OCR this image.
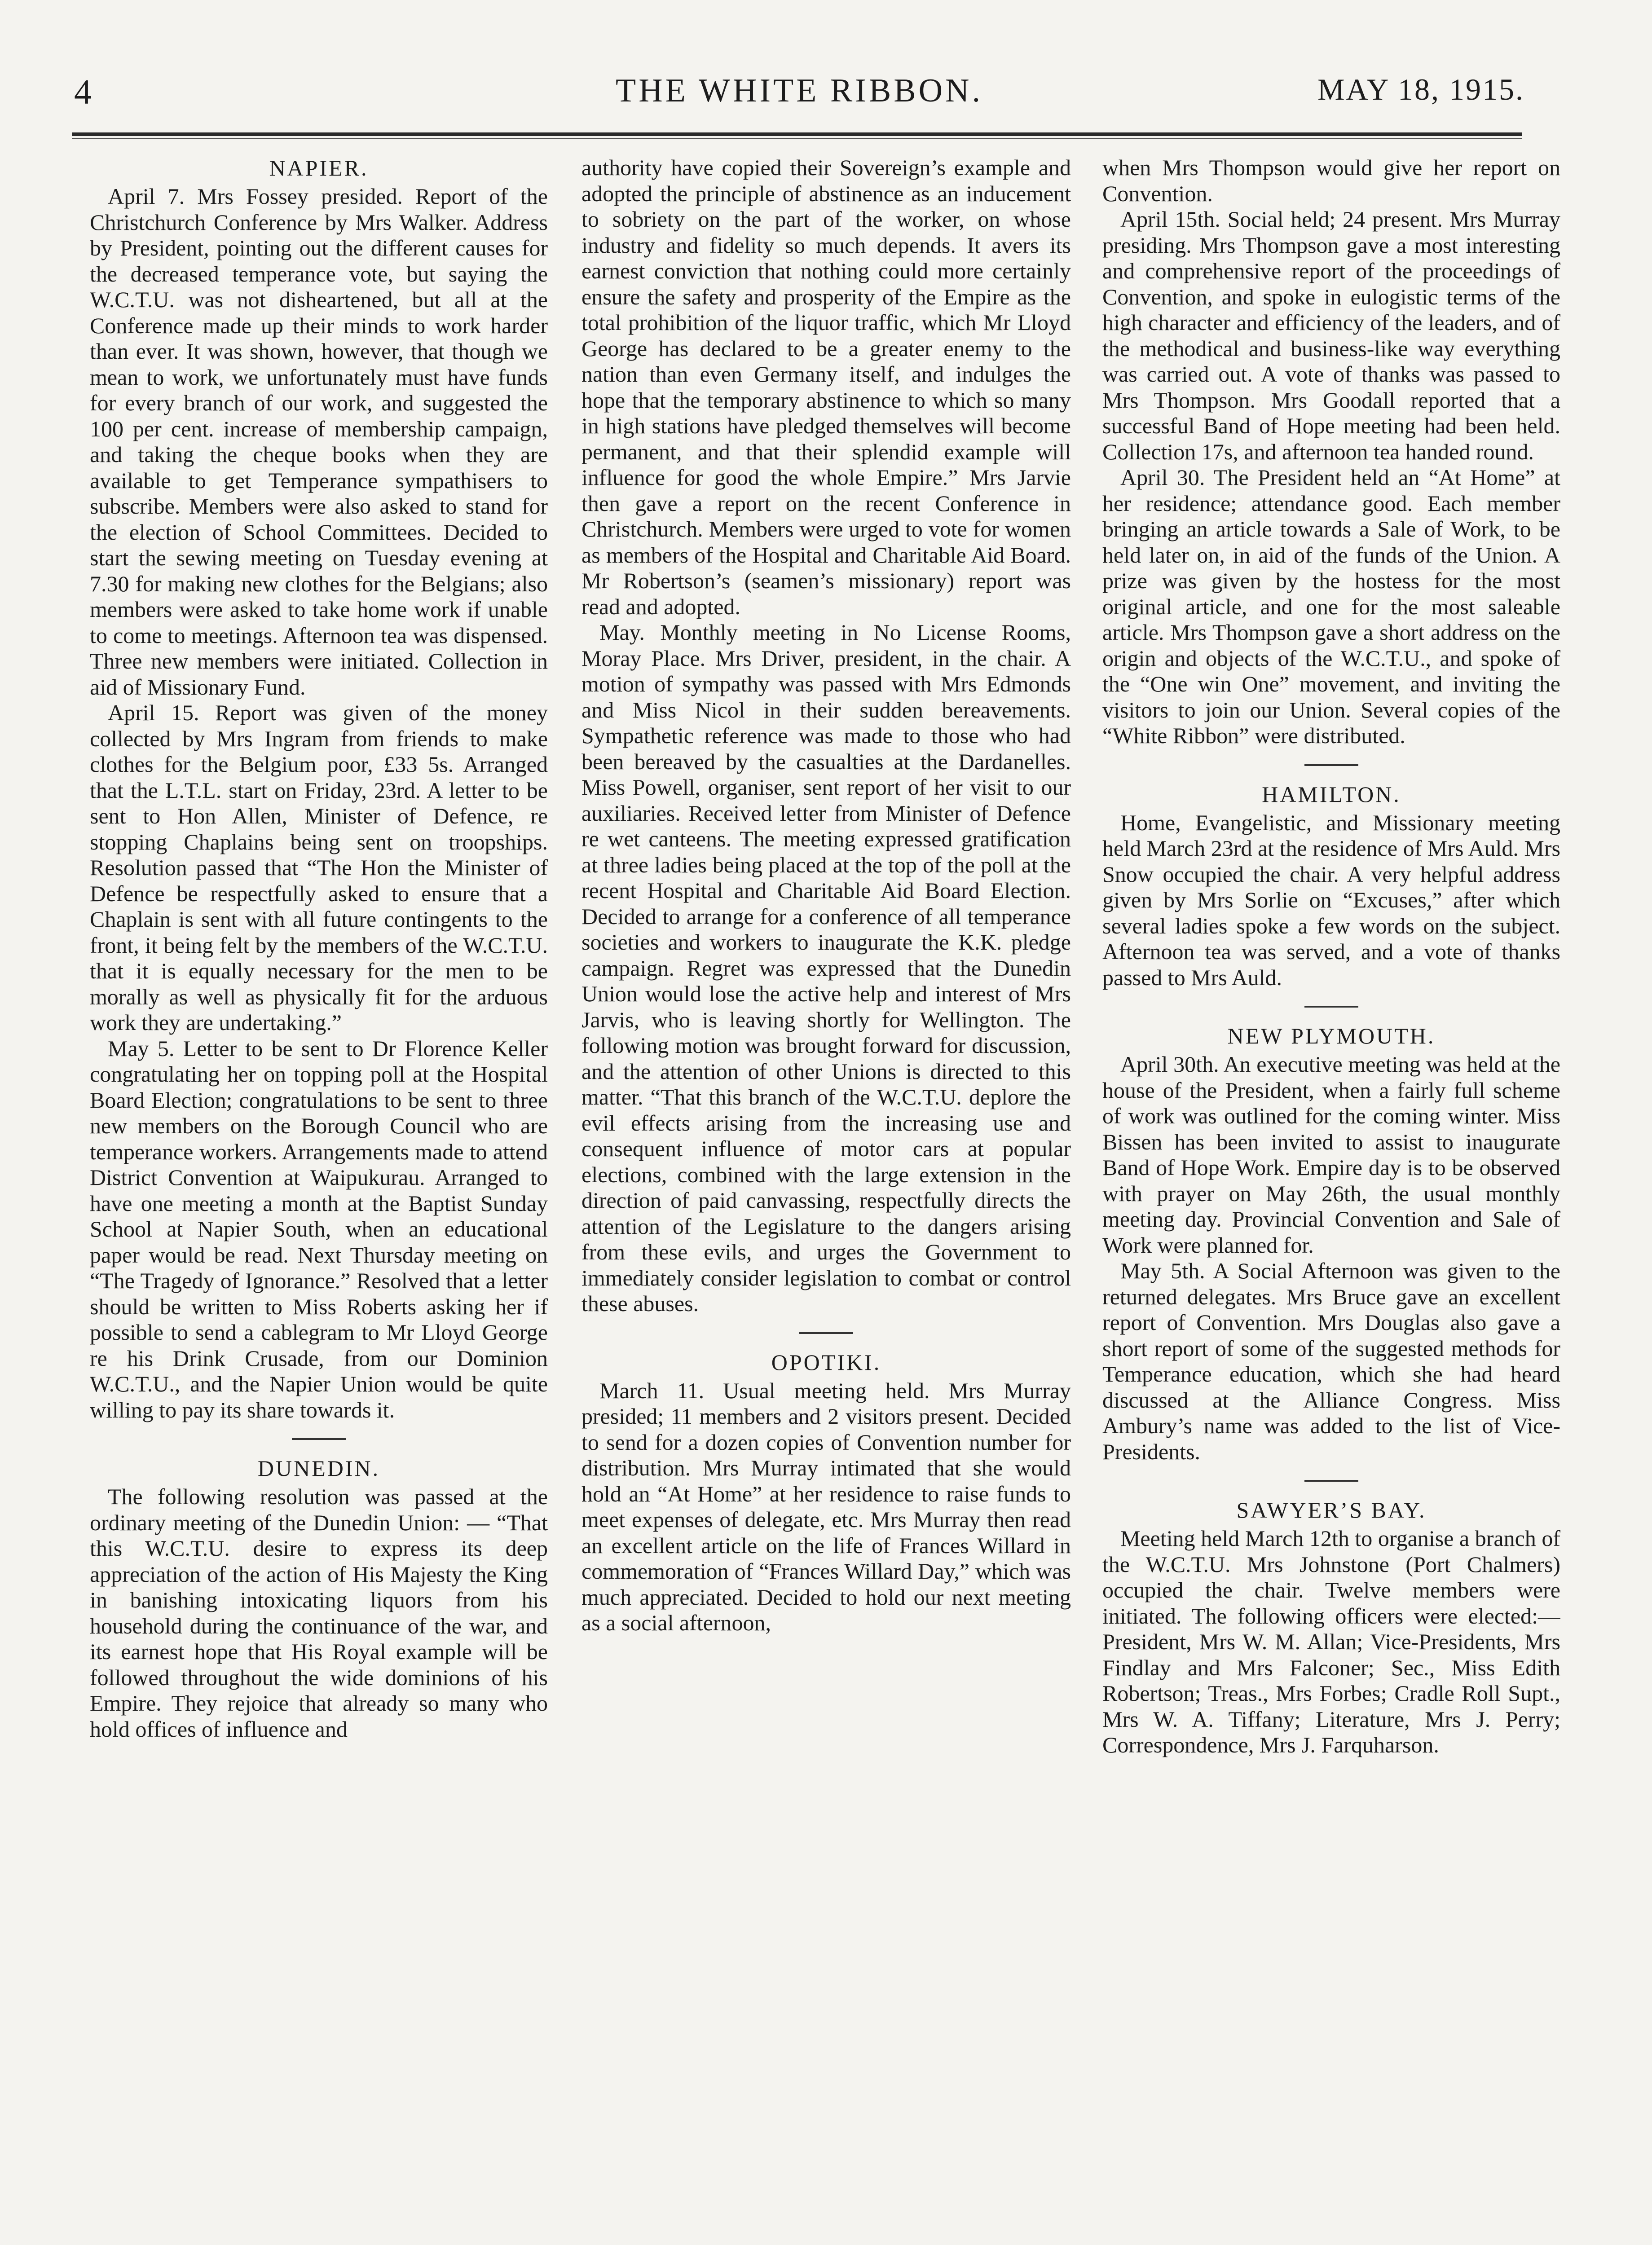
4	THE WHITE RIBBON.	MAY 18, 1915.
NAPIER.

April 7. Mrs Fossey presided. Report of the Christchurch Conference by Mrs Walker. Address by President, pointing out the different causes for the decreased temperance vote, but saying the W.C.T.U. was not disheartened, but all at the Conference made up their minds to work harder than ever. It was shown, however, that though we mean to work, we unfortunately must have funds for every branch of our work, and suggested the 100 per cent. increase of membership campaign, and taking the cheque books when they are available to get Temperance sympathisers to subscribe. Members were also asked to stand for the election of School Committees. Decided to start the sewing meeting on Tuesday evening at 7.30 for making new clothes for the Belgians; also members were asked to take home work if unable to come to meetings. Afternoon tea was dispensed. Three new members were initiated. Collection in aid of Missionary Fund.

April 15. Report was given of the money collected by Mrs Ingram from friends to make clothes for the Belgium poor, £33 5s. Arranged that the L.T.L. start on Friday, 23rd. A letter to be sent to Hon Allen, Minister of Defence, re stopping Chaplains being sent on troopships. Resolution passed that “The Hon the Minister of Defence be respectfully asked to ensure that a Chaplain is sent with all future contingents to the front, it being felt by the members of the W.C.T.U. that it is equally necessary for the men to be morally as well as physically fit for the arduous work they are undertaking.”

May 5. Letter to be sent to Dr Florence Keller congratulating her on topping poll at the Hospital Board Election; congratulations to be sent to three new members on the Borough Council who are temperance workers. Arrangements made to attend District Convention at Waipukurau. Arranged to have one meeting a month at the Baptist Sunday School at Napier South, when an educational paper would be read. Next Thursday meeting on “The Tragedy of Ignorance.” Resolved that a letter should be written to Miss Roberts asking her if possible to send a cablegram to Mr Lloyd George re his Drink Crusade, from our Dominion W.C.T.U., and the Napier Union would be quite willing to pay its share towards it.

DUNEDIN.

The following resolution was passed at the ordinary meeting of the Dunedin Union: — “That this W.C.T.U. desire to express its deep appreciation of the action of His Majesty the King in banishing intoxicating liquors from his household during the continuance of the war, and its earnest hope that His Royal example will be followed throughout the wide dominions of his Empire. They rejoice that already so many who hold offices of influence and

authority have copied their Sovereign’s example and adopted the principle of abstinence as an inducement to sobriety on the part of the worker, on whose industry and fidelity so much depends. It avers its earnest conviction that nothing could more certainly ensure the safety and prosperity of the Empire as the total prohibition of the liquor traffic, which Mr Lloyd George has declared to be a greater enemy to the nation than even Germany itself, and indulges the hope that the temporary abstinence to which so many in high stations have pledged themselves will become permanent, and that their splendid example will influence for good the whole Empire.” Mrs Jarvie then gave a report on the recent Conference in Christchurch. Members were urged to vote for women as members of the Hospital and Charitable Aid Board. Mr Robertson’s (seamen’s missionary) report was read and adopted.

May. Monthly meeting in No License Rooms, Moray Place. Mrs Driver, president, in the chair. A motion of sympathy was passed with Mrs Edmonds and Miss Nicol in their sudden bereavements. Sympathetic reference was made to those who had been bereaved by the casualties at the Dardanelles. Miss Powell, organiser, sent report of her visit to our auxiliaries. Received letter from Minister of Defence re wet canteens. The meeting expressed gratification at three ladies being placed at the top of the poll at the recent Hospital and Charitable Aid Board Election. Decided to arrange for a conference of all temperance societies and workers to inaugurate the K.K. pledge campaign. Regret was expressed that the Dunedin Union would lose the active help and interest of Mrs Jarvis, who is leaving shortly for Wellington. The following motion was brought forward for discussion, and the attention of other Unions is directed to this matter. “That this branch of the W.C.T.U. deplore the evil effects arising from the increasing use and consequent influence of motor cars at popular elections, combined with the large extension in the direction of paid canvassing, respectfully directs the attention of the Legislature to the dangers arising from these evils, and urges the Government to immediately consider legislation to combat or control these abuses.

OPOTIKI.

March 11. Usual meeting held. Mrs Murray presided; 11 members and 2 visitors present. Decided to send for a dozen copies of Convention number for distribution. Mrs Murray intimated that she would hold an “At Home” at her residence to raise funds to meet expenses of delegate, etc. Mrs Murray then read an excellent article on the life of Frances Willard in commemoration of “Frances Willard Day,” which was much appreciated. Decided to hold our next meeting as a social afternoon,

when Mrs Thompson would give her report on Convention.

April 15th. Social held; 24 present. Mrs Murray presiding. Mrs Thompson gave a most interesting and comprehensive report of the proceedings of Convention, and spoke in eulogistic terms of the high character and efficiency of the leaders, and of the methodical and business-like way everything was carried out. A vote of thanks was passed to Mrs Thompson. Mrs Goodall reported that a successful Band of Hope meeting had been held. Collection 17s, and afternoon tea handed round.

April 30. The President held an “At Home” at her residence; attendance good. Each member bringing an article towards a Sale of Work, to be held later on, in aid of the funds of the Union. A prize was given by the hostess for the most original article, and one for the most saleable article. Mrs Thompson gave a short address on the origin and objects of the W.C.T.U., and spoke of the “One win One” movement, and inviting the visitors to join our Union. Several copies of the “White Ribbon” were distributed.

HAMILTON.

Home, Evangelistic, and Missionary meeting held March 23rd at the residence of Mrs Auld. Mrs Snow occupied the chair. A very helpful address given by Mrs Sorlie on “Excuses,” after which several ladies spoke a few words on the subject. Afternoon tea was served, and a vote of thanks passed to Mrs Auld.

NEW PLYMOUTH.

April 30th. An executive meeting was held at the house of the President, when a fairly full scheme of work was outlined for the coming winter. Miss Bissen has been invited to assist to inaugurate Band of Hope Work. Empire day is to be observed with prayer on May 26th, the usual monthly meeting day. Provincial Convention and Sale of Work were planned for.

May 5th. A Social Afternoon was given to the returned delegates. Mrs Bruce gave an excellent report of Convention. Mrs Douglas also gave a short report of some of the suggested methods for Temperance education, which she had heard discussed at the Alliance Congress. Miss Ambury’s name was added to the list of Vice-Presidents.

SAWYER’S BAY.

Meeting held March 12th to organise a branch of the W.C.T.U. Mrs Johnstone (Port Chalmers) occupied the chair. Twelve members were initiated. The following officers were elected:—President, Mrs W. M. Allan; Vice-Presidents, Mrs Findlay and Mrs Falconer; Sec., Miss Edith Robertson; Treas., Mrs Forbes; Cradle Roll Supt., Mrs W. A. Tiffany; Literature, Mrs J. Perry; Correspondence, Mrs J. Farquharson.
